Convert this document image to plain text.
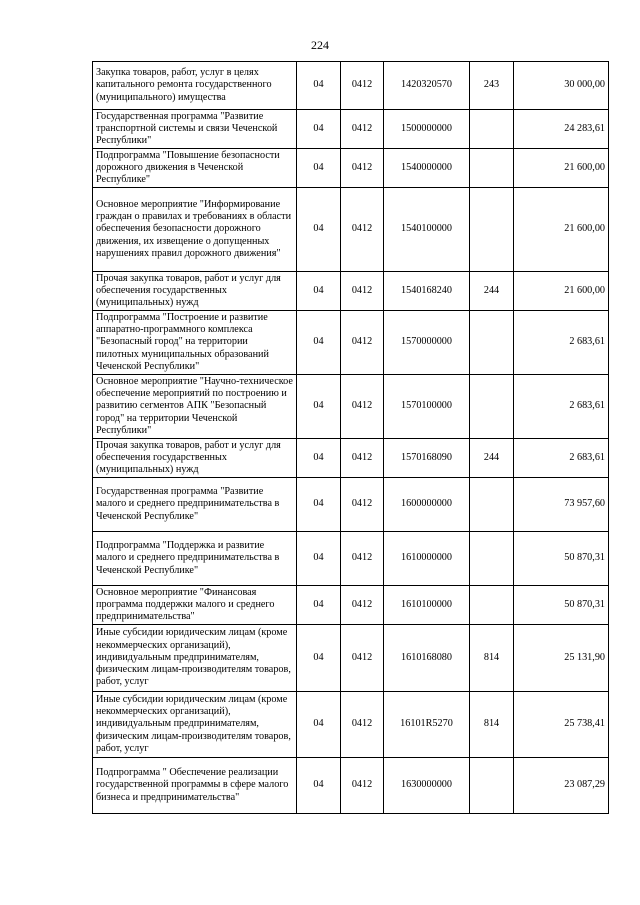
224
Закупка товаров, работ, услуг в целях капитального ремонта государственного (муниципального) имущества	04	0412	1420320570	243	30 000,00
Государственная программа "Развитие транспортной системы и связи Чеченской Республики"	04	0412	1500000000		24 283,61
Подпрограмма "Повышение безопасности дорожного движения в Чеченской Республике"	04	0412	1540000000		21 600,00
Основное мероприятие "Информирование граждан о правилах и требованиях в области обеспечения безопасности дорожного движения, их извещение о допущенных нарушениях правил дорожного движения"	04	0412	1540100000		21 600,00
Прочая закупка товаров, работ и услуг для обеспечения государственных (муниципальных) нужд	04	0412	1540168240	244	21 600,00
Подпрограмма "Построение и развитие аппаратно-программного комплекса "Безопасный город" на территории пилотных муниципальных образований Чеченской Республики"	04	0412	1570000000		2 683,61
Основное мероприятие "Научно-техническое обеспечение мероприятий по построению и развитию сегментов АПК "Безопасный город" на территории Чеченской Республики"	04	0412	1570100000		2 683,61
Прочая закупка товаров, работ и услуг для обеспечения государственных (муниципальных) нужд	04	0412	1570168090	244	2 683,61
Государственная программа "Развитие малого и среднего предпринимательства в Чеченской Республике"	04	0412	1600000000		73 957,60
Подпрограмма "Поддержка и развитие малого и среднего предпринимательства в Чеченской Республике"	04	0412	1610000000		50 870,31
Основное мероприятие "Финансовая программа поддержки малого и среднего предпринимательства"	04	0412	1610100000		50 870,31
Иные субсидии юридическим лицам (кроме некоммерческих организаций), индивидуальным предпринимателям, физическим лицам-производителям товаров, работ, услуг	04	0412	1610168080	814	25 131,90
Иные субсидии юридическим лицам (кроме некоммерческих организаций), индивидуальным предпринимателям, физическим лицам-производителям товаров, работ, услуг	04	0412	16101R5270	814	25 738,41
Подпрограмма " Обеспечение реализации государственной программы в сфере малого бизнеса и предпринимательства"	04	0412	1630000000		23 087,29
